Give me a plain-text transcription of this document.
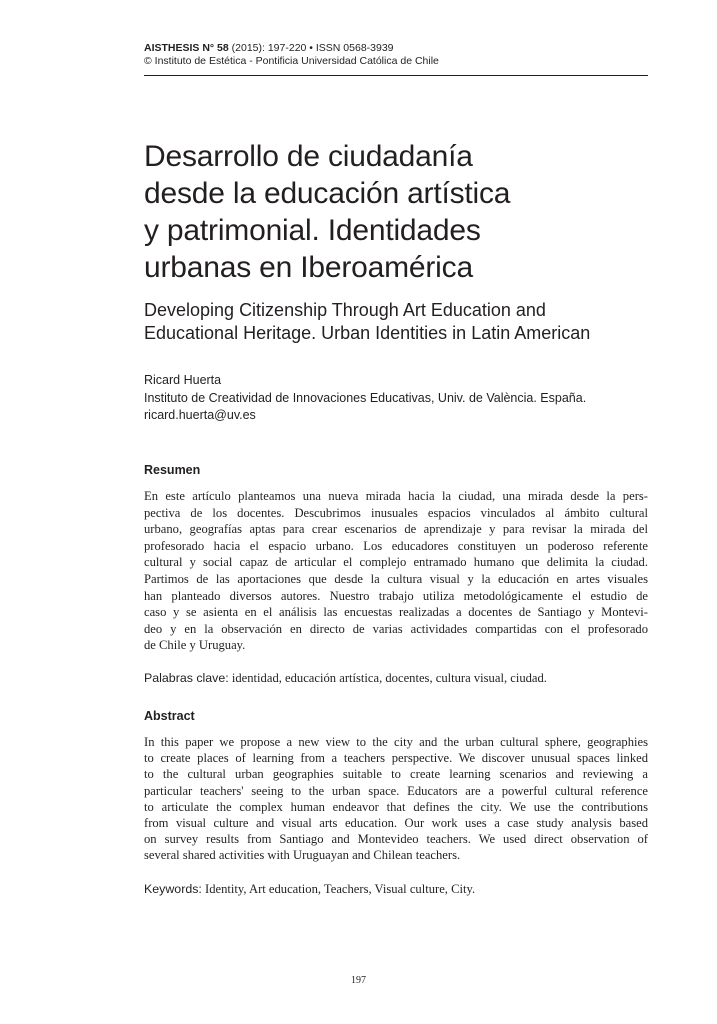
AISTHESIS N° 58 (2015): 197-220 • ISSN 0568-3939
© Instituto de Estética - Pontificia Universidad Católica de Chile
Desarrollo de ciudadanía
desde la educación artística
y patrimonial. Identidades
urbanas en Iberoamérica
Developing Citizenship Through Art Education and
Educational Heritage. Urban Identities in Latin American
Ricard Huerta
Instituto de Creatividad de Innovaciones Educativas, Univ. de València. España.
ricard.huerta@uv.es
Resumen

En este artículo planteamos una nueva mirada hacia la ciudad, una mirada desde la pers-
pectiva de los docentes. Descubrimos inusuales espacios vinculados al ámbito cultural
urbano, geografías aptas para crear escenarios de aprendizaje y para revisar la mirada del
profesorado hacia el espacio urbano. Los educadores constituyen un poderoso referente
cultural y social capaz de articular el complejo entramado humano que delimita la ciudad.
Partimos de las aportaciones que desde la cultura visual y la educación en artes visuales
han planteado diversos autores. Nuestro trabajo utiliza metodológicamente el estudio de
caso y se asienta en el análisis las encuestas realizadas a docentes de Santiago y Montevi-
deo y en la observación en directo de varias actividades compartidas con el profesorado
de Chile y Uruguay.

Palabras clave: identidad, educación artística, docentes, cultura visual, ciudad.

Abstract

In this paper we propose a new view to the city and the urban cultural sphere, geographies
to create places of learning from a teachers perspective. We discover unusual spaces linked
to the cultural urban geographies suitable to create learning scenarios and reviewing a
particular teachers' seeing to the urban space. Educators are a powerful cultural reference
to articulate the complex human endeavor that defines the city. We use the contributions
from visual culture and visual arts education. Our work uses a case study analysis based
on survey results from Santiago and Montevideo teachers. We used direct observation of
several shared activities with Uruguayan and Chilean teachers.

Keywords: Identity, Art education, Teachers, Visual culture, City.

197
